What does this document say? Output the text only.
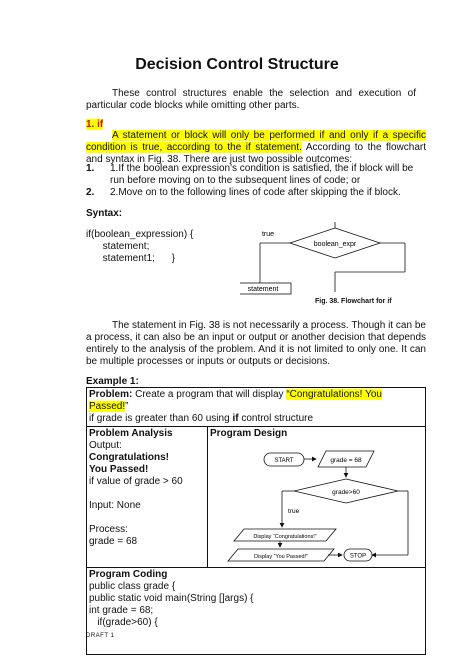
Decision Control Structure
These control structures enable the selection and execution of particular code blocks while omitting other parts.
1. if
A statement or block will only be performed if and only if a specific condition is true, according to the if statement. According to the flowchart and syntax in Fig. 38. There are just two possible outcomes:
1. 1.If the boolean expression's condition is satisfied, the if block will be run before moving on to the subsequent lines of code; or
2. 2.Move on to the following lines of code after skipping the if block.
Syntax:
if(boolean_expression) {
statement;
statement1;      }
boolean_expr
true
statement
Fig. 38. Flowchart for if
The statement in Fig. 38 is not necessarily a process. Though it can be a process, it can also be an input or output or another decision that depends entirely to the analysis of the problem. And it is not limited to only one. It can be multiple processes or inputs or outputs or decisions.
Example 1:
Problem: Create a program that will display “Congratulations! You Passed!”
if grade is greater than 60 using if control structure

Problem Analysis
Output:
Congratulations!
You Passed!
if value of grade > 60
Input: None
Process:
grade = 68

Program Design
START	grade = 68
grade>60
true
Display “Congratulations!”
Display “You Passed!”	STOP

Program Coding
public class grade {
public static void main(String []args) {
int grade = 68;
if(grade>60) {
DRAFT 1
